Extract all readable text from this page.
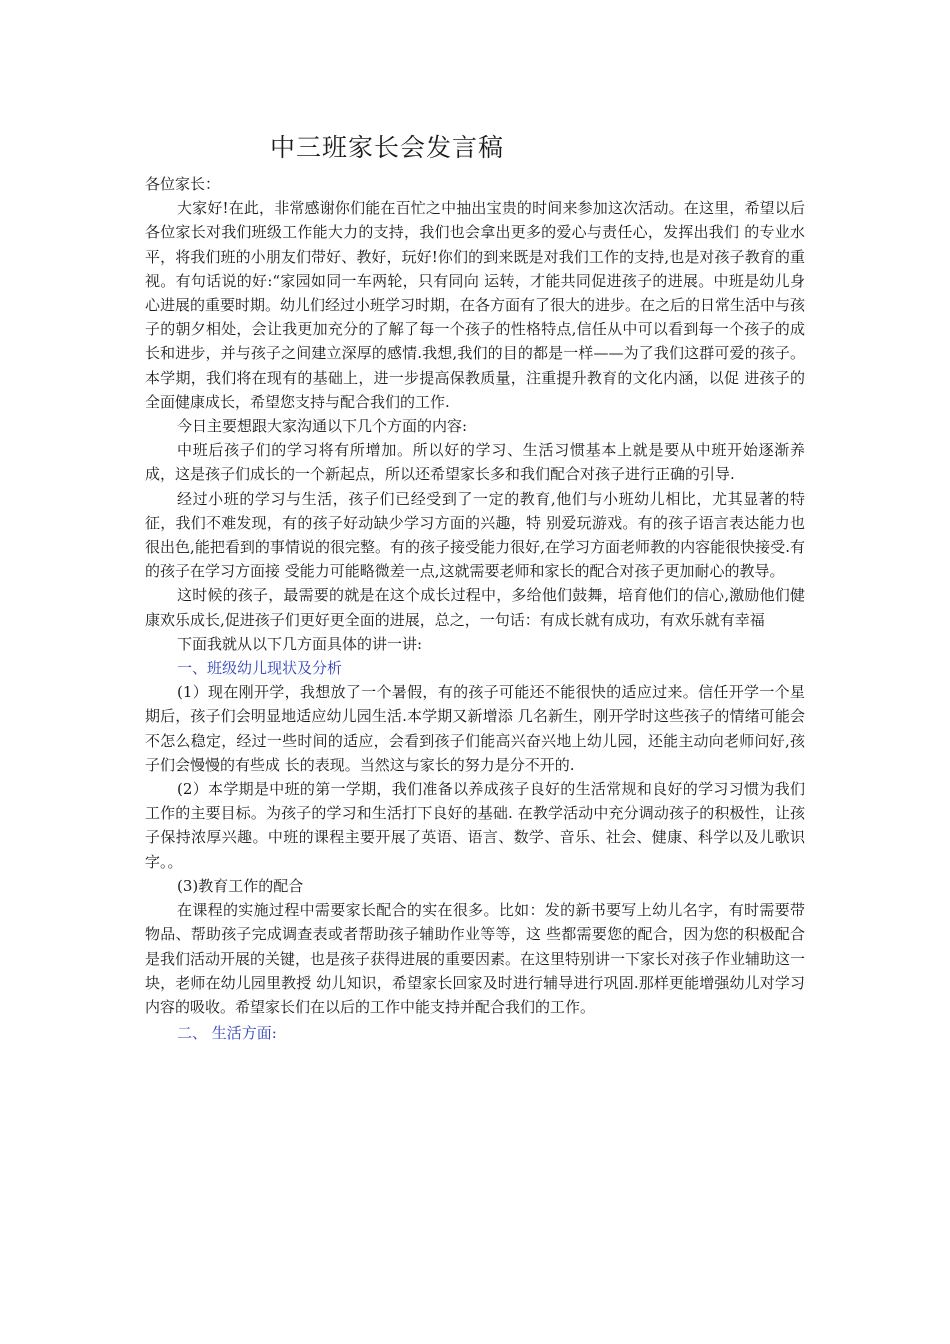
中三班家长会发言稿

各位家长：

大家好!在此，非常感谢你们能在百忙之中抽出宝贵的时间来参加这次活动。在这里，希望以后各位家长对我们班级工作能大力的支持，我们也会拿出更多的爱心与责任心，发挥出我们 的专业水平，将我们班的小朋友们带好、教好，玩好!你们的到来既是对我们工作的支持,也是对孩子教育的重视。有句话说的好:“家园如同一车两轮，只有同向 运转，才能共同促进孩子的进展。中班是幼儿身心进展的重要时期。幼儿们经过小班学习时期，在各方面有了很大的进步。在之后的日常生活中与孩子的朝夕相处，会让我更加充分的了解了每一个孩子的性格特点,信任从中可以看到每一个孩子的成长和进步，并与孩子之间建立深厚的感情.我想,我们的目的都是一样——为了我们这群可爱的孩子。本学期，我们将在现有的基础上，进一步提高保教质量，注重提升教育的文化内涵，以促 进孩子的全面健康成长，希望您支持与配合我们的工作.

今日主要想跟大家沟通以下几个方面的内容:

中班后孩子们的学习将有所增加。所以好的学习、生活习惯基本上就是要从中班开始逐渐养成，这是孩子们成长的一个新起点，所以还希望家长多和我们配合对孩子进行正确的引导.

经过小班的学习与生活，孩子们已经受到了一定的教育,他们与小班幼儿相比，尤其显著的特征，我们不难发现，有的孩子好动缺少学习方面的兴趣，特 别爱玩游戏。有的孩子语言表达能力也很出色,能把看到的事情说的很完整。有的孩子接受能力很好,在学习方面老师教的内容能很快接受.有的孩子在学习方面接 受能力可能略微差一点,这就需要老师和家长的配合对孩子更加耐心的教导。

这时候的孩子，最需要的就是在这个成长过程中，多给他们鼓舞，培育他们的信心,激励他们健康欢乐成长,促进孩子们更好更全面的进展，总之，一句话：有成长就有成功，有欢乐就有幸福

下面我就从以下几方面具体的讲一讲:

一、班级幼儿现状及分析

(1）现在刚开学，我想放了一个暑假，有的孩子可能还不能很快的适应过来。信任开学一个星期后，孩子们会明显地适应幼儿园生活.本学期又新增添 几名新生，刚开学时这些孩子的情绪可能会不怎么稳定，经过一些时间的适应，会看到孩子们能高兴奋兴地上幼儿园，还能主动向老师问好,孩子们会慢慢的有些成 长的表现。当然这与家长的努力是分不开的.

(2）本学期是中班的第一学期，我们准备以养成孩子良好的生活常规和良好的学习习惯为我们工作的主要目标。为孩子的学习和生活打下良好的基础. 在教学活动中充分调动孩子的积极性，让孩子保持浓厚兴趣。中班的课程主要开展了英语、语言、数学、音乐、社会、健康、科学以及儿歌识字。。

(3)教育工作的配合

在课程的实施过程中需要家长配合的实在很多。比如：发的新书要写上幼儿名字，有时需要带物品、帮助孩子完成调查表或者帮助孩子辅助作业等等，这 些都需要您的配合，因为您的积极配合是我们活动开展的关键，也是孩子获得进展的重要因素。在这里特别讲一下家长对孩子作业辅助这一块，老师在幼儿园里教授 幼儿知识，希望家长回家及时进行辅导进行巩固.那样更能增强幼儿对学习内容的吸收。希望家长们在以后的工作中能支持并配合我们的工作。

二、 生活方面:
